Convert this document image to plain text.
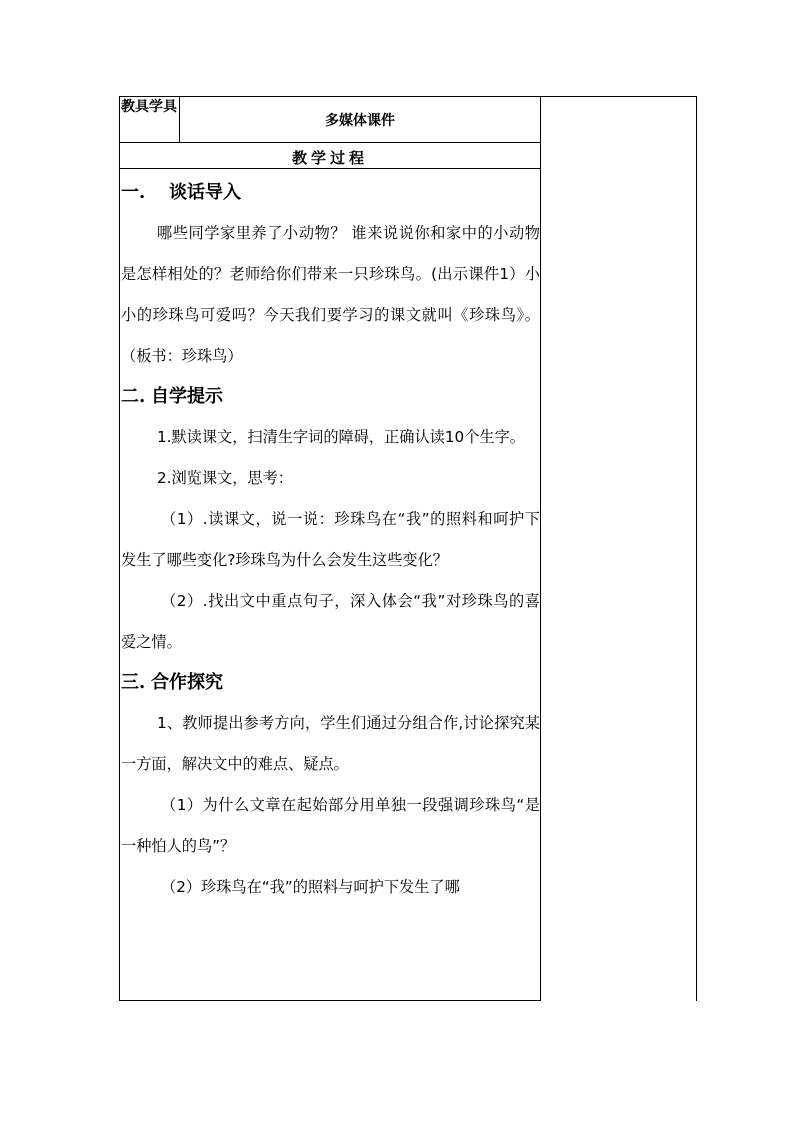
教具学具
多媒体课件
教学过程
一. 谈话导入

哪些同学家里养了小动物？ 谁来说说你和家中的小动物是怎样相处的？老师给你们带来一只珍珠鸟。(出示课件1）小小的珍珠鸟可爱吗？今天我们要学习的课文就叫《珍珠鸟》。 （板书：珍珠鸟）

二. 自学提示

1.默读课文，扫清生字词的障碍，正确认读10个生字。

2.浏览课文，思考：

（1）.读课文，说一说：珍珠鸟在“我”的照料和呵护下发生了哪些变化?珍珠鸟为什么会发生这些变化？

（2）.找出文中重点句子，深入体会“我”对珍珠鸟的喜爱之情。

三. 合作探究

1、教师提出参考方向，学生们通过分组合作,讨论探究某一方面，解决文中的难点、疑点。

（1）为什么文章在起始部分用单独一段强调珍珠鸟“是一种怕人的鸟”？

（2）珍珠鸟在“我”的照料与呵护下发生了哪
